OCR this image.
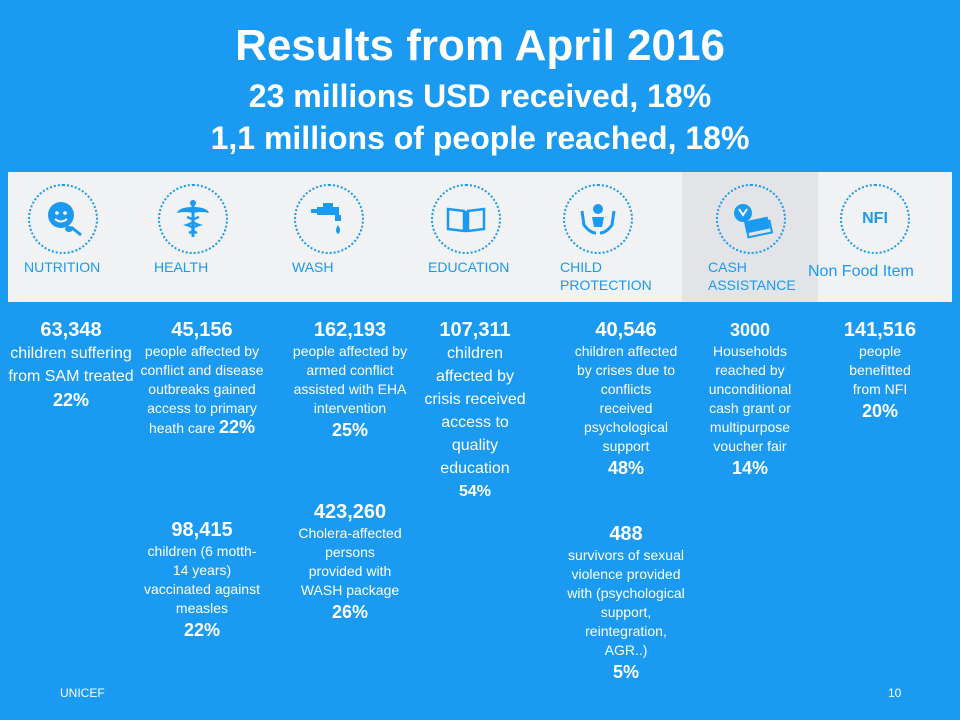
Results from April 2016
23 millions USD received, 18%
1,1 millions of people reached, 18%
NUTRITION	HEALTH	WASH	EDUCATION	CHILD
PROTECTION
CASH
ASSISTANCE
NFI
Non Food Item
63,348
children suffering from SAM treated
22%
45,156
people affected by conflict and disease outbreaks gained access to primary heath care 22%
98,415
children (6 motth-14 years) vaccinated against measles
22%
162,193
people affected by armed conflict assisted with EHA intervention
25%
423,260
Cholera-affected persons provided with WASH package
26%
107,311
children affected by crisis received access to quality education
54%
40,546
children affected by crises due to conflicts received psychological support
48%
488
survivors of sexual violence provided with (psychological support, reintegration, AGR..)
5%
3000
Households reached by unconditional cash grant or multipurpose voucher fair
14%
141,516
people benefitted from NFI
20%
UNICEF	10
